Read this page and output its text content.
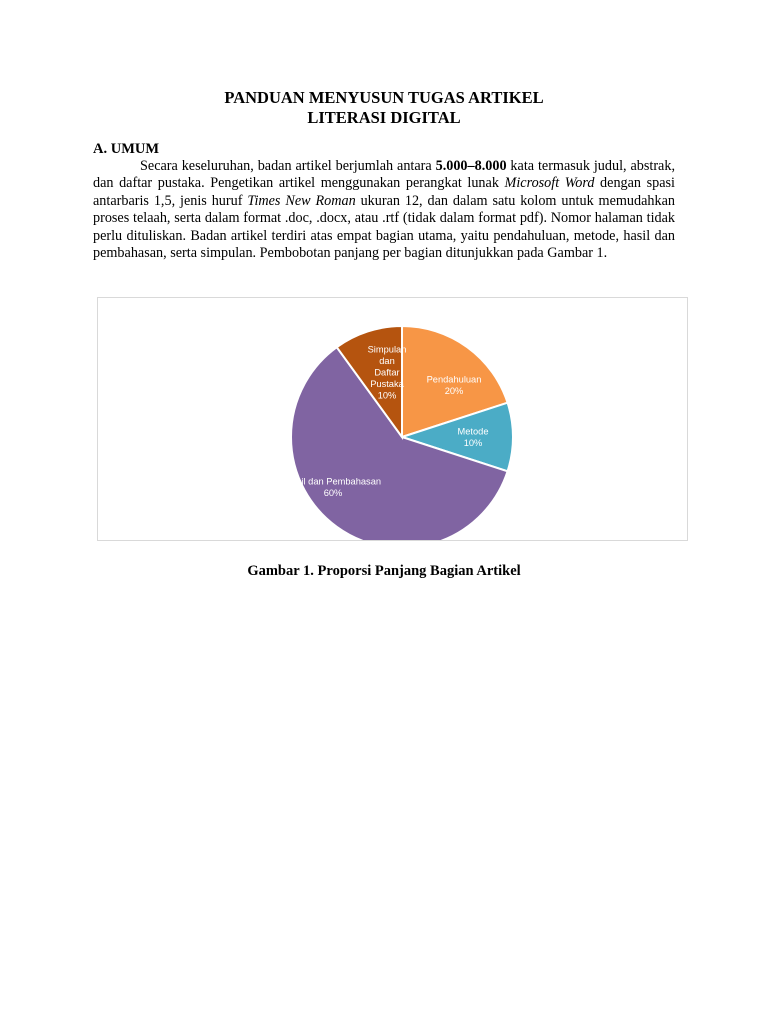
PANDUAN MENYUSUN TUGAS ARTIKEL
LITERASI DIGITAL
A. UMUM
Secara keseluruhan, badan artikel berjumlah antara 5.000–8.000 kata termasuk judul, abstrak, dan daftar pustaka. Pengetikan artikel menggunakan perangkat lunak Microsoft Word dengan spasi antarbaris 1,5, jenis huruf Times New Roman ukuran 12, dan dalam satu kolom untuk memudahkan proses telaah, serta dalam format .doc, .docx, atau .rtf (tidak dalam format pdf). Nomor halaman tidak perlu dituliskan. Badan artikel terdiri atas empat bagian utama, yaitu pendahuluan, metode, hasil dan pembahasan, serta simpulan. Pembobotan panjang per bagian ditunjukkan pada Gambar 1.
Pendahuluan
20%
Metode
10%
Hasil dan Pembahasan
60%
Simpulan
dan
Daftar
Pustaka
10%
Gambar 1. Proporsi Panjang Bagian Artikel
